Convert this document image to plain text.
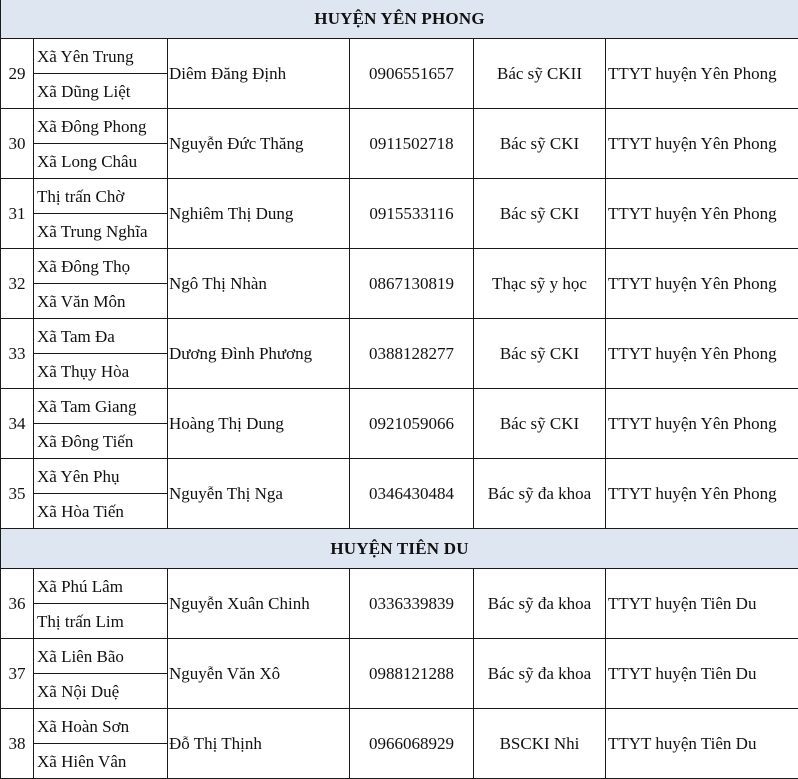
HUYỆN YÊN PHONG					
29	Xã Yên Trung	Diêm Đăng Định	0906551657	Bác sỹ CKII	TTYT huyện Yên Phong
	Xã Dũng Liệt				
30	Xã Đông Phong	Nguyễn Đức Thăng	0911502718	Bác sỹ CKI	TTYT huyện Yên Phong
	Xã Long Châu				
31	Thị trấn Chờ	Nghiêm Thị Dung	0915533116	Bác sỹ CKI	TTYT huyện Yên Phong
	Xã Trung Nghĩa				
32	Xã Đông Thọ	Ngô Thị Nhàn	0867130819	Thạc sỹ y học	TTYT huyện Yên Phong
	Xã Văn Môn				
33	Xã Tam Đa	Dương Đình Phương	0388128277	Bác sỹ CKI	TTYT huyện Yên Phong
	Xã Thụy Hòa				
34	Xã Tam Giang	Hoàng Thị Dung	0921059066	Bác sỹ CKI	TTYT huyện Yên Phong
	Xã Đông Tiến				
35	Xã Yên Phụ	Nguyễn Thị Nga	0346430484	Bác sỹ đa khoa	TTYT huyện Yên Phong
	Xã Hòa Tiến				
HUYỆN TIÊN DU					
36	Xã Phú Lâm	Nguyễn Xuân Chinh	0336339839	Bác sỹ đa khoa	TTYT huyện Tiên Du
	Thị trấn Lim				
37	Xã Liên Bão	Nguyễn Văn Xô	0988121288	Bác sỹ đa khoa	TTYT huyện Tiên Du
	Xã Nội Duệ				
38	Xã Hoàn Sơn	Đỗ Thị Thịnh	0966068929	BSCKI Nhi	TTYT huyện Tiên Du
	Xã Hiên Vân				
